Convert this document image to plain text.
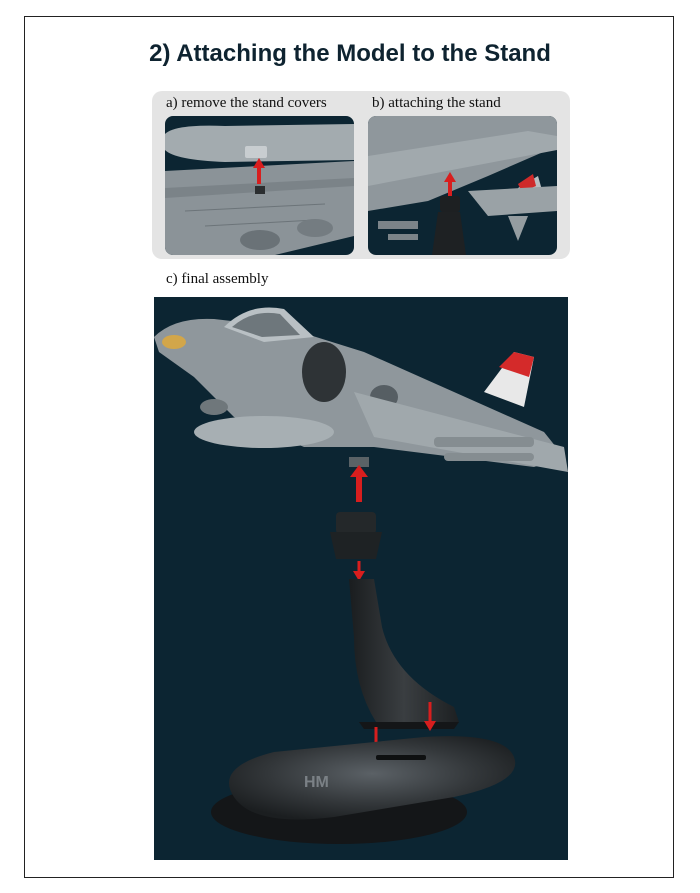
2) Attaching the Model to the Stand
a) remove the stand covers	b) attaching the stand
c) final assembly
HM
